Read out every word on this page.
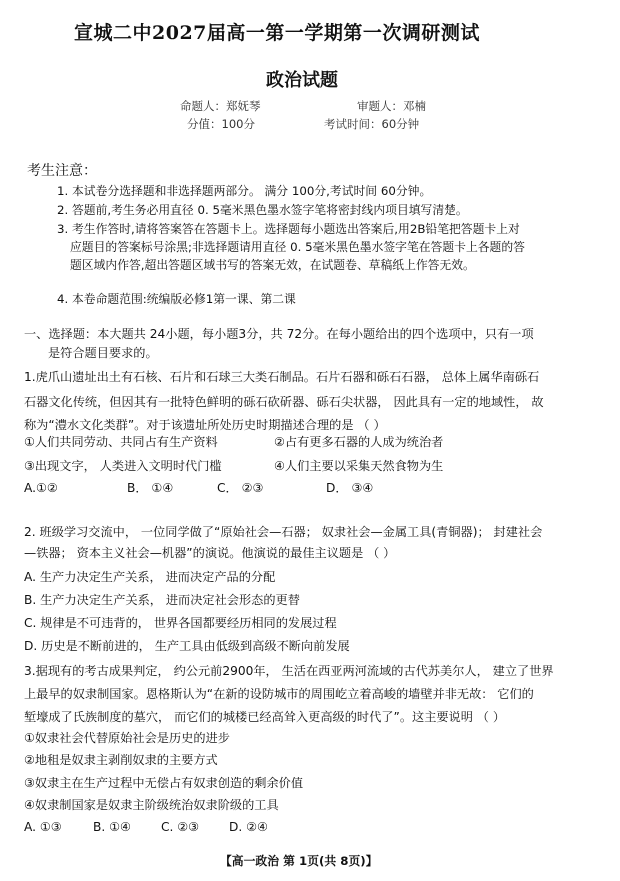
宣城二中2027届高一第一学期第一次调研测试
政治试题
命题人：郑妩琴	审题人：邓楠
分值：100分	考试时间：60分钟
考生注意：
1. 本试卷分选择题和非选择题两部分。 满分 100分,考试时间 60分钟。
2. 答题前,考生务必用直径 0. 5毫米黑色墨水签字笔将密封线内项目填写清楚。
3. 考生作答时,请将答案答在答题卡上。选择题每小题选出答案后,用2B铅笔把答题卡上对
应题目的答案标号涂黑;非选择题请用直径 0. 5毫米黑色墨水签字笔在答题卡上各题的答
题区域内作答,超出答题区域书写的答案无效，在试题卷、草稿纸上作答无效。
4. 本卷命题范围:统编版必修1第一课、第二课
一、选择题：本大题共 24小题，每小题3分，共 72分。在每小题给出的四个选项中，只有一项
是符合题目要求的。
1.虎爪山遗址出土有石核、石片和石球三大类石制品。石片石器和砾石石器， 总体上属华南砾石
石器文化传统，但因其有一批特色鲜明的砾石砍斫器、砾石尖状器， 因此具有一定的地域性， 故
称为“澧水文化类群”。对于该遗址所处历史时期描述合理的是 （ ）
①人们共同劳动、共同占有生产资料	②占有更多石器的人成为统治者
③出现文字， 人类进入文明时代门槛	④人们主要以采集天然食物为生
A.①②	B． ①④	C． ②③	D． ③④
2. 班级学习交流中， 一位同学做了“原始社会—石器； 奴隶社会—金属工具(青铜器)； 封建社会
—铁器； 资本主义社会—机器”的演说。他演说的最佳主议题是 （ ）
A. 生产力决定生产关系， 进而决定产品的分配
B. 生产力决定生产关系， 进而决定社会形态的更替
C. 规律是不可违背的， 世界各国都要经历相同的发展过程
D. 历史是不断前进的， 生产工具由低级到高级不断向前发展
3.据现有的考古成果判定， 约公元前2900年， 生活在西亚两河流域的古代苏美尔人， 建立了世界
上最早的奴隶制国家。恩格斯认为“在新的设防城市的周围屹立着高峻的墙壁并非无故： 它们的
堑壕成了氏族制度的墓穴， 而它们的城楼已经高耸入更高级的时代了”。这主要说明 （ ）
①奴隶社会代替原始社会是历史的进步
②地租是奴隶主剥削奴隶的主要方式
③奴隶主在生产过程中无偿占有奴隶创造的剩余价值
④奴隶制国家是奴隶主阶级统治奴隶阶级的工具
A. ①③	B. ①④ C. ②③ D. ②④
【高一政治 第 1页(共 8页)】
